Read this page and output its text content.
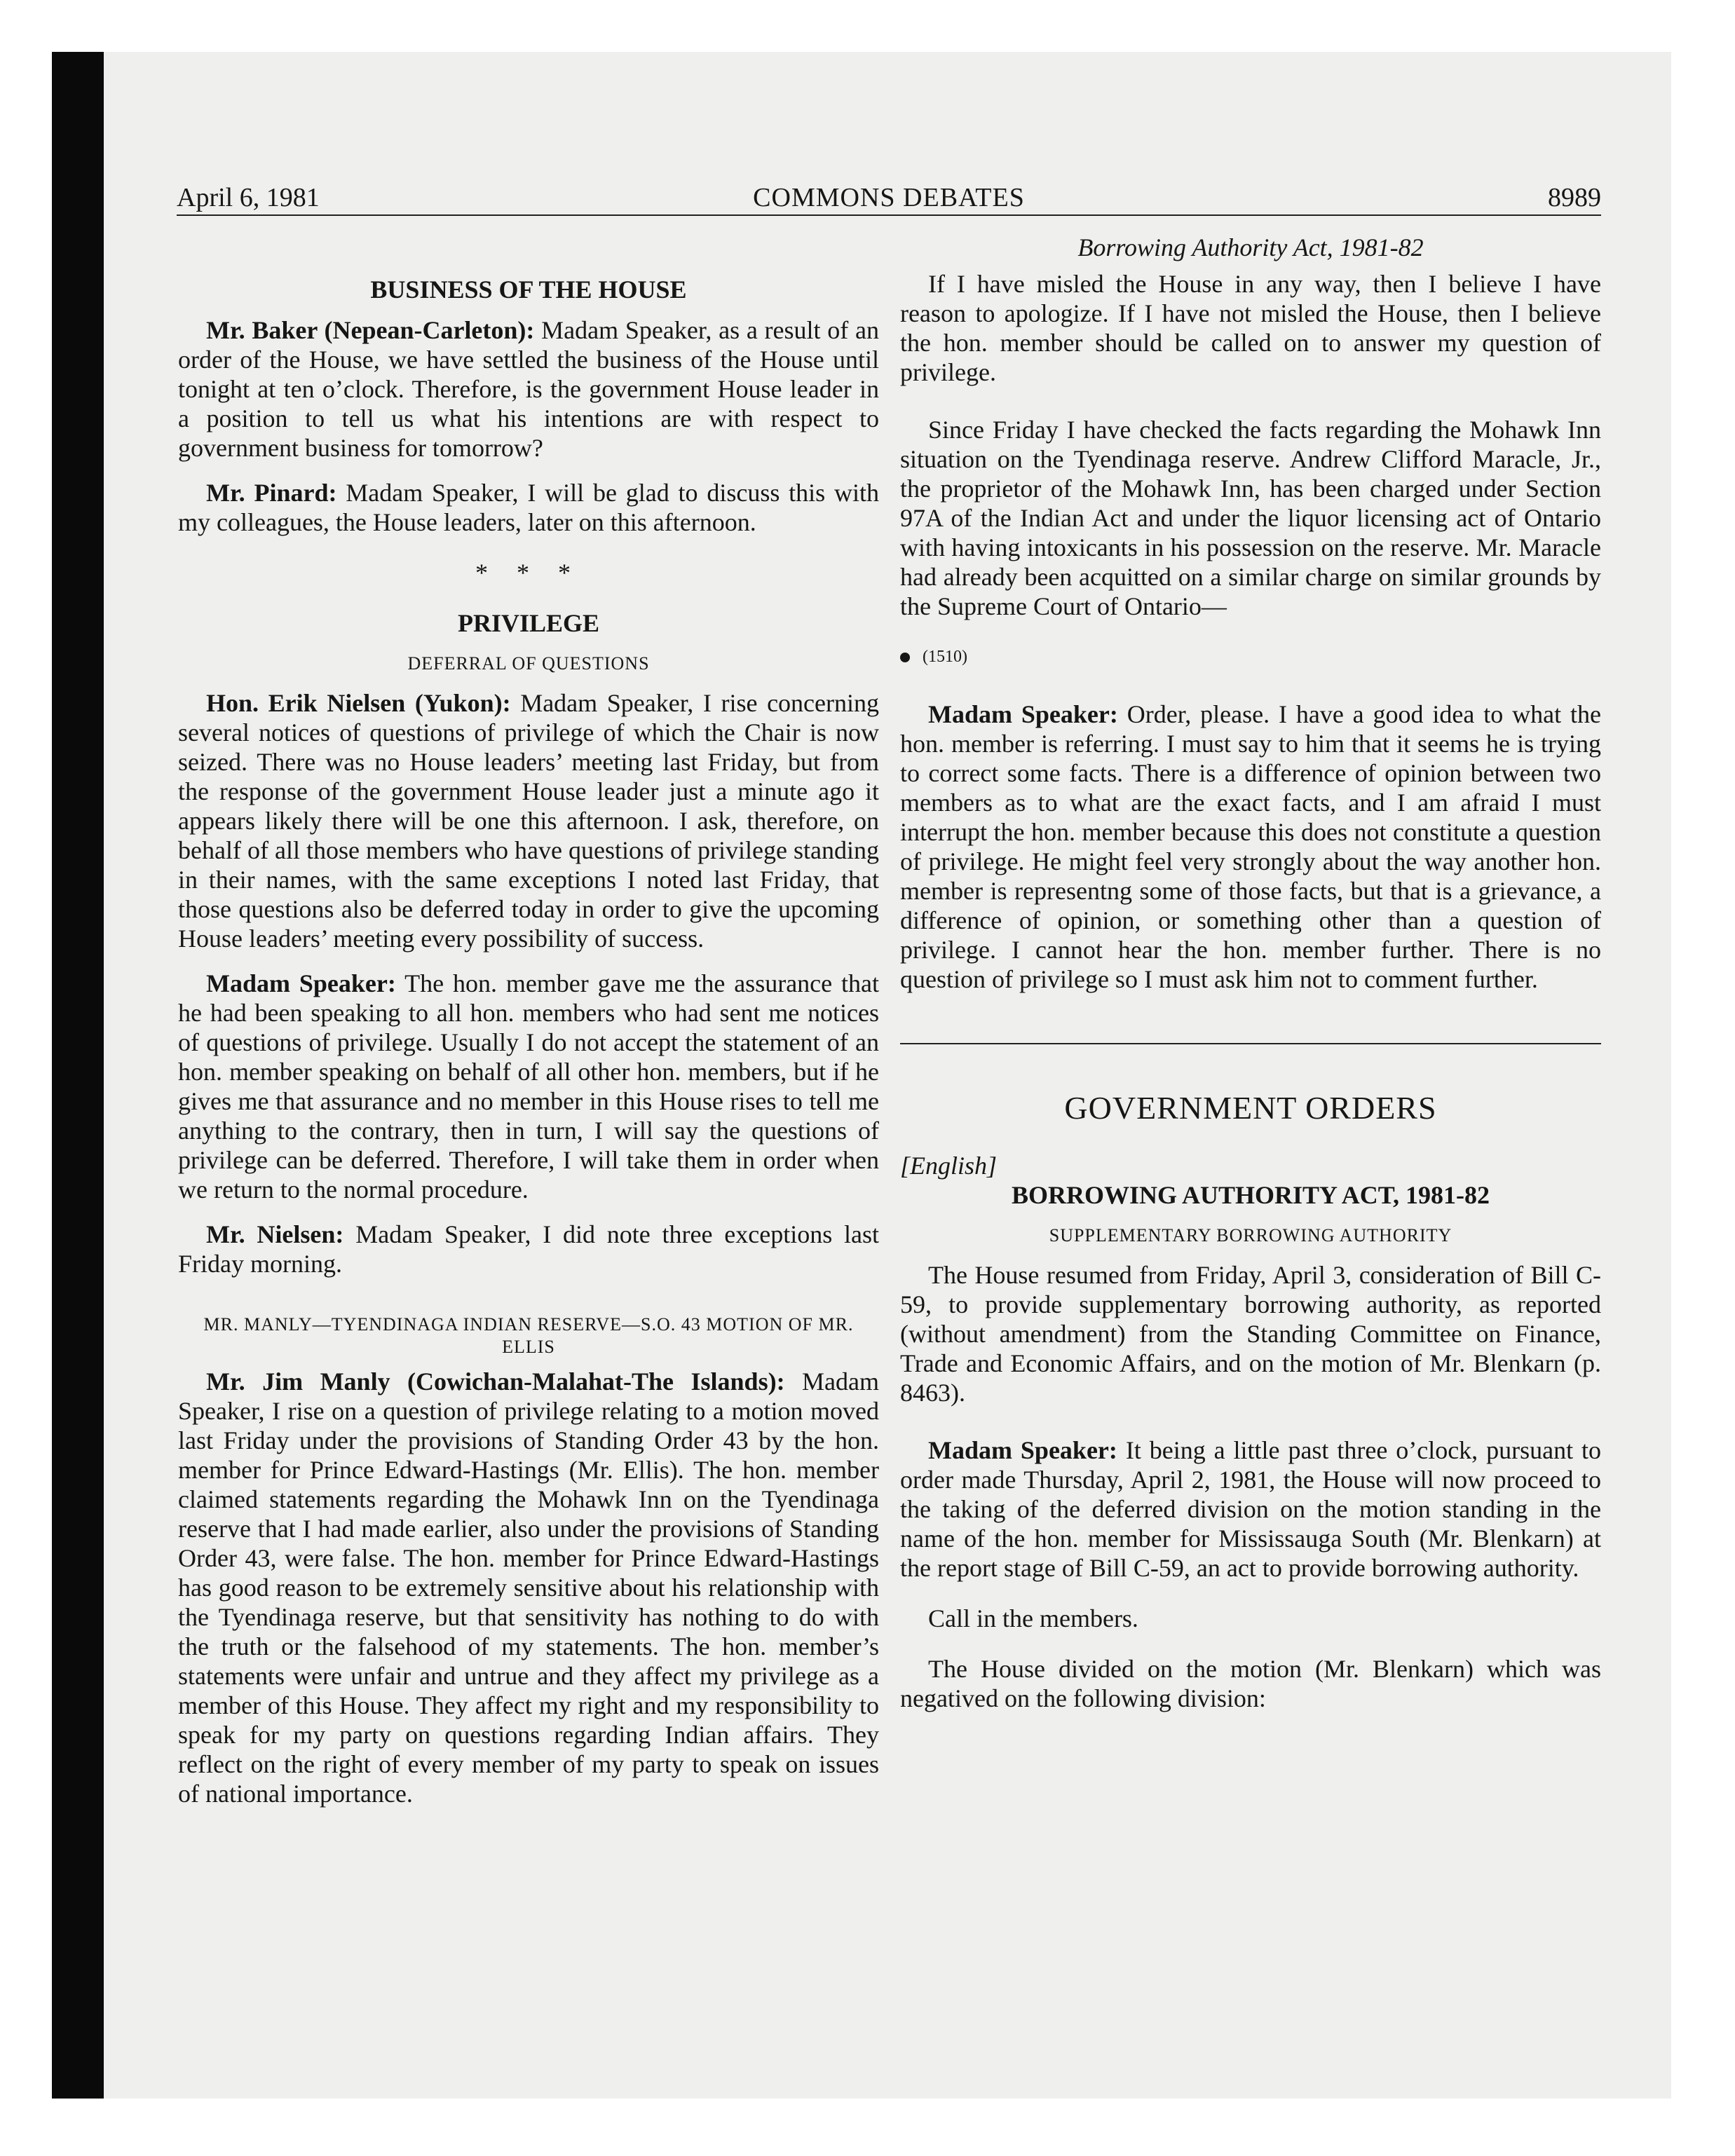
April 6, 1981	COMMONS DEBATES	8989
BUSINESS OF THE HOUSE

Mr. Baker (Nepean-Carleton): Madam Speaker, as a result of an order of the House, we have settled the business of the House until tonight at ten o’clock. Therefore, is the government House leader in a position to tell us what his intentions are with respect to government business for tomorrow?

Mr. Pinard: Madam Speaker, I will be glad to discuss this with my colleagues, the House leaders, later on this afternoon.

* * *
PRIVILEGE
DEFERRAL OF QUESTIONS

Hon. Erik Nielsen (Yukon): Madam Speaker, I rise concerning several notices of questions of privilege of which the Chair is now seized. There was no House leaders’ meeting last Friday, but from the response of the government House leader just a minute ago it appears likely there will be one this afternoon. I ask, therefore, on behalf of all those members who have questions of privilege standing in their names, with the same exceptions I noted last Friday, that those questions also be deferred today in order to give the upcoming House leaders’ meeting every possibility of success.

Madam Speaker: The hon. member gave me the assurance that he had been speaking to all hon. members who had sent me notices of questions of privilege. Usually I do not accept the statement of an hon. member speaking on behalf of all other hon. members, but if he gives me that assurance and no member in this House rises to tell me anything to the contrary, then in turn, I will say the questions of privilege can be deferred. Therefore, I will take them in order when we return to the normal procedure.

Mr. Nielsen: Madam Speaker, I did note three exceptions last Friday morning.

MR. MANLY—TYENDINAGA INDIAN RESERVE—S.O. 43 MOTION OF MR. ELLIS

Mr. Jim Manly (Cowichan-Malahat-The Islands): Madam Speaker, I rise on a question of privilege relating to a motion moved last Friday under the provisions of Standing Order 43 by the hon. member for Prince Edward-Hastings (Mr. Ellis). The hon. member claimed statements regarding the Mohawk Inn on the Tyendinaga reserve that I had made earlier, also under the provisions of Standing Order 43, were false. The hon. member for Prince Edward-Hastings has good reason to be extremely sensitive about his relationship with the Tyendinaga reserve, but that sensitivity has nothing to do with the truth or the falsehood of my statements. The hon. member’s statements were unfair and untrue and they affect my privilege as a member of this House. They affect my right and my responsibility to speak for my party on questions regarding Indian affairs. They reflect on the right of every member of my party to speak on issues of national importance.

Borrowing Authority Act, 1981-82

If I have misled the House in any way, then I believe I have reason to apologize. If I have not misled the House, then I believe the hon. member should be called on to answer my question of privilege.

Since Friday I have checked the facts regarding the Mohawk Inn situation on the Tyendinaga reserve. Andrew Clifford Maracle, Jr., the proprietor of the Mohawk Inn, has been charged under Section 97A of the Indian Act and under the liquor licensing act of Ontario with having intoxicants in his possession on the reserve. Mr. Maracle had already been acquitted on a similar charge on similar grounds by the Supreme Court of Ontario—

(1510)

Madam Speaker: Order, please. I have a good idea to what the hon. member is referring. I must say to him that it seems he is trying to correct some facts. There is a difference of opinion between two members as to what are the exact facts, and I am afraid I must interrupt the hon. member because this does not constitute a question of privilege. He might feel very strongly about the way another hon. member is representng some of those facts, but that is a grievance, a difference of opinion, or something other than a question of privilege. I cannot hear the hon. member further. There is no question of privilege so I must ask him not to comment further.

GOVERNMENT ORDERS

[English]

BORROWING AUTHORITY ACT, 1981-82
SUPPLEMENTARY BORROWING AUTHORITY

The House resumed from Friday, April 3, consideration of Bill C-59, to provide supplementary borrowing authority, as reported (without amendment) from the Standing Committee on Finance, Trade and Economic Affairs, and on the motion of Mr. Blenkarn (p. 8463).

Madam Speaker: It being a little past three o’clock, pursuant to order made Thursday, April 2, 1981, the House will now proceed to the taking of the deferred division on the motion standing in the name of the hon. member for Mississauga South (Mr. Blenkarn) at the report stage of Bill C-59, an act to provide borrowing authority.

Call in the members.

The House divided on the motion (Mr. Blenkarn) which was negatived on the following division:
